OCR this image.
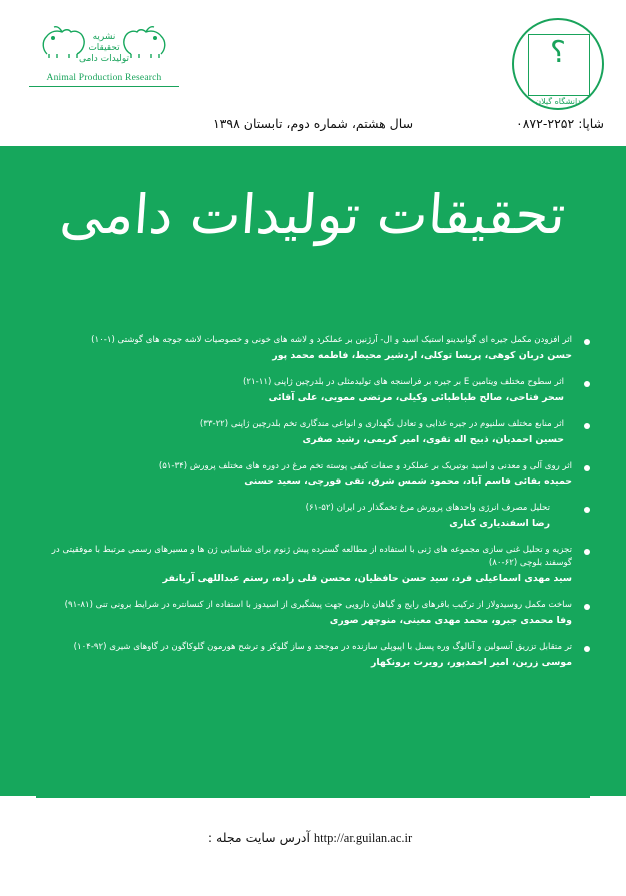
؟
دانشگاه گیلان
نشریه
تحقیقات
تولیدات دامی
Animal Production Research
سال هشتم، شماره دوم، تابستان ۱۳۹۸	شاپا: ۲۲۵۲-۰۸۷۲
تحقیقات تولیدات دامی
اثر افزودن مکمل جیره ای گوانیدینو استیک اسید و ال- آرژنین بر عملکرد و لاشه های خونی و خصوصیات لاشه جوجه های گوشتی (۱-۱۰)
حسن دربان کوهی، پریسا توکلی، اردشیر محیط، فاطمه محمد پور
اثر سطوح مختلف ویتامین E بر جیره بر فراسنجه های تولیدمثلی در بلدرچین ژاپنی (۱۱-۲۱)
سحر فتاحی، صالح طباطبائی وکیلی، مرتضی ممویی، علی آقائی
اثر منابع مختلف سلنیوم در جیره غذایی و تعادل نگهداری و انواعی مندگاری تخم بلدرچین ژاپنی (۲۲-۳۳)
حسین احمدیان، ذبیح اله تقوی، امیر کریمی، رشید صفری
اثر روی آلی و معدنی و اسید بوتیریک بر عملکرد و صفات کیفی پوسته تخم مرغ در دوره های مختلف پرورش (۳۴-۵۱)
حمیده بقائی قاسم آباد، محمود شمس شرق، تقی قورچی، سعید حسنی
تحلیل مصرف انرژی واحدهای پرورش مرغ تخمگذار در ایران (۵۲-۶۱)
رضا اسفندیاری کناری
تجزیه و تحلیل غنی سازی مجموعه های ژنی با استفاده از مطالعه گسترده پیش ژنوم برای شناسایی ژن ها و مسیرهای رسمی مرتبط با موفقیتی در گوسفند بلوچی (۶۲-۸۰)
سید مهدی اسماعیلی فرد، سید حسن حافظیان، محسن قلی زاده، رستم عبداللهی آریانفر
ساخت مکمل روسیدولاز از ترکیب باقرهای رایج و گیاهان دارویی جهت پیشگیری از اسیدوز با استفاده از کنسانتره در شرایط برونی تنی (۸۱-۹۱)
وفا محمدی جبرو، محمد مهدی معینی، منوچهر صوری
تر متقابل تزریق آنسولین و آنالوگ وره پسنل با اپیوپلی سازنده در موجحد و ساز گلوکز و ترشح هورمون گلوکاگون در گاوهای شیری (۹۲-۱۰۴)
موسی زرین، امیر احمدپور، رویرت برونکهار
http://ar.guilan.ac.ir آدرس سایت مجله :
